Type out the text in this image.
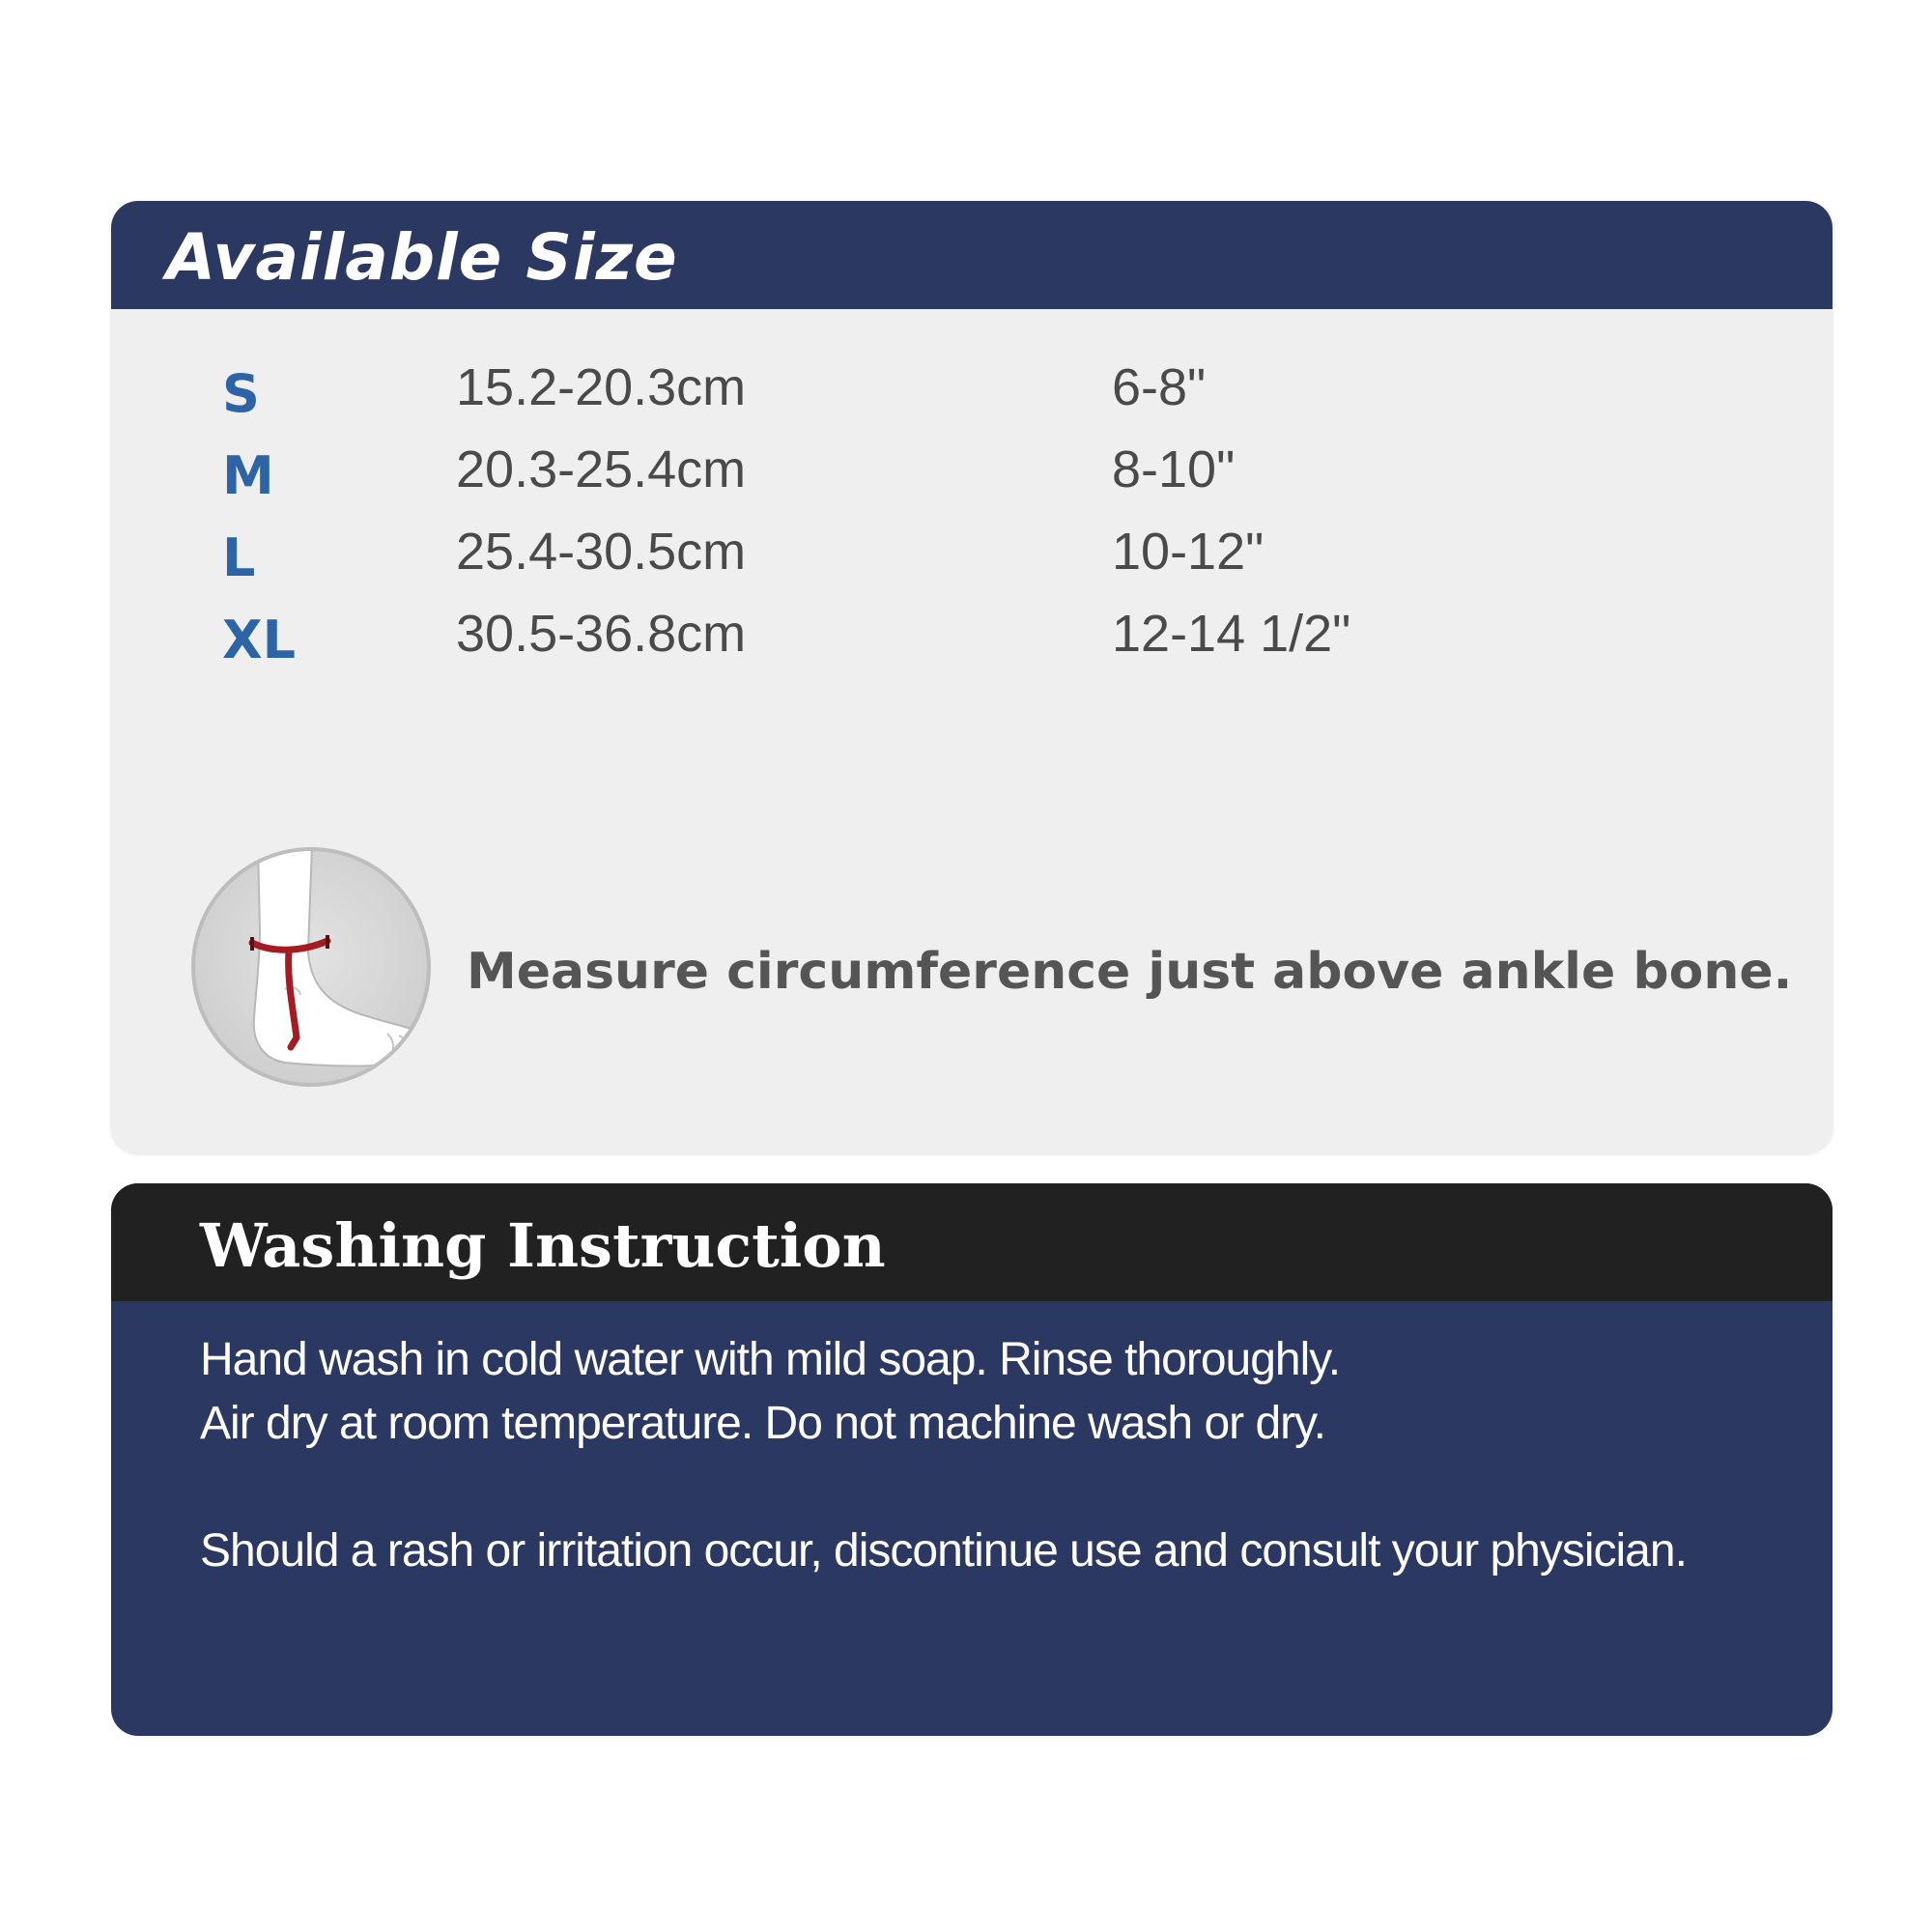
Available Size
S	15.2-20.3cm	6-8"
M	20.3-25.4cm	8-10"
L	25.4-30.5cm	10-12"
XL	30.5-36.8cm	12-14 1/2"
Measure circumference just above ankle bone.
Washing Instruction

Hand wash in cold water with mild soap. Rinse thoroughly.

Air dry at room temperature. Do not machine wash or dry.

Should a rash or irritation occur, discontinue use and consult your physician.
